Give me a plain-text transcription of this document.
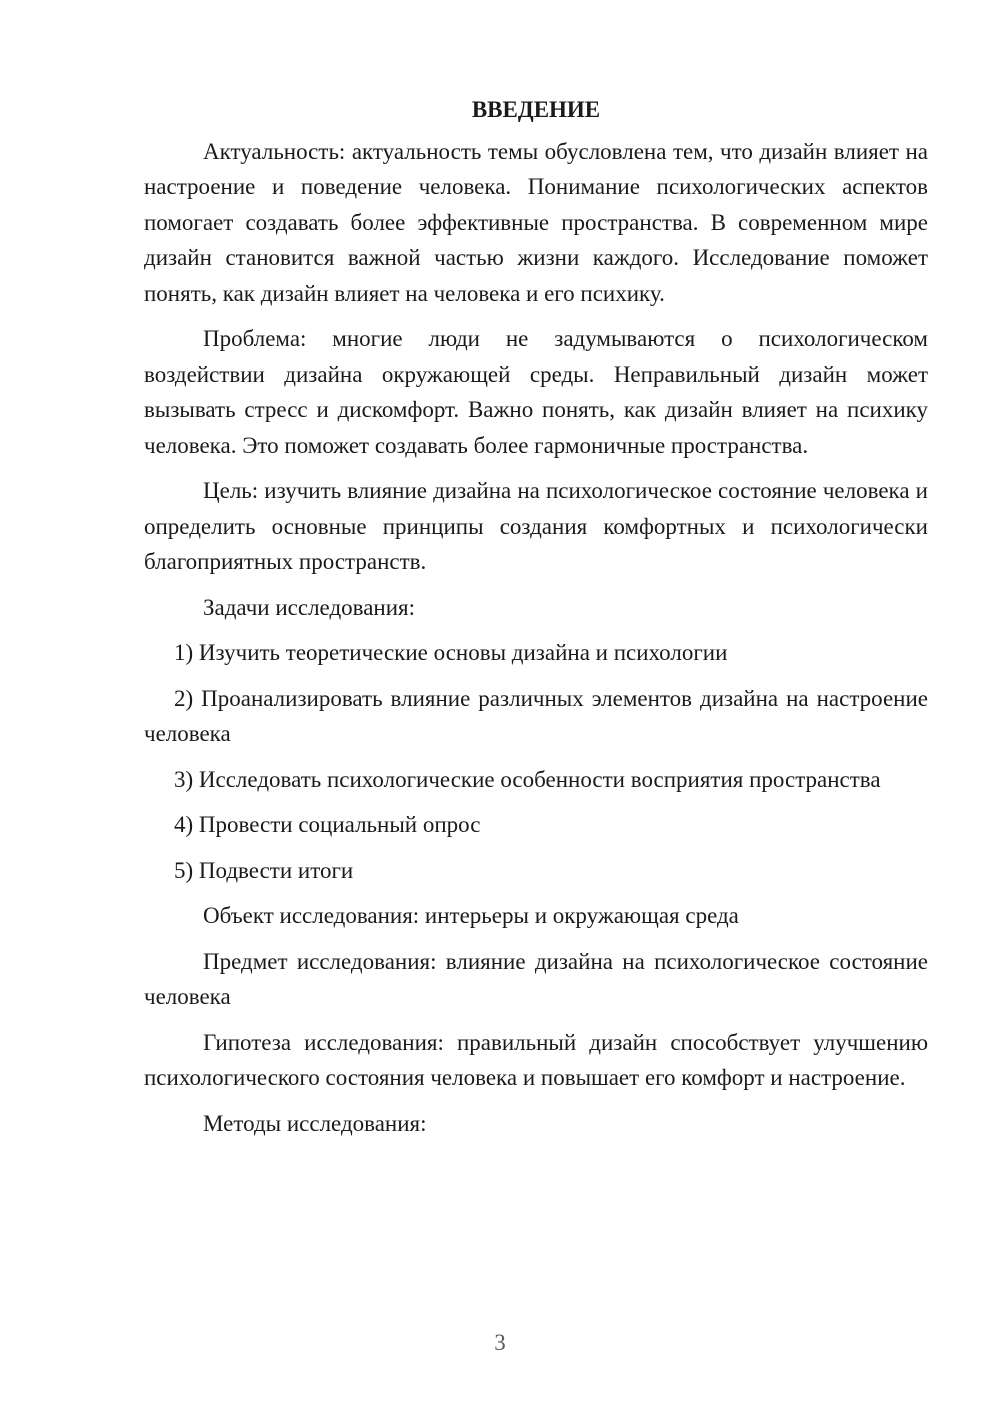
ВВЕДЕНИЕ

Актуальность: актуальность темы обусловлена тем, что дизайн влияет на настроение и поведение человека. Понимание психологических аспектов помогает создавать более эффективные пространства. В современном мире дизайн становится важной частью жизни каждого. Исследование поможет понять, как дизайн влияет на человека и его психику.

Проблема: многие люди не задумываются о психологическом воздействии дизайна окружающей среды. Неправильный дизайн может вызывать стресс и дискомфорт. Важно понять, как дизайн влияет на психику человека. Это поможет создавать более гармоничные пространства.

Цель: изучить влияние дизайна на психологическое состояние человека и определить основные принципы создания комфортных и психологически благоприятных пространств.

Задачи исследования:

1) Изучить теоретические основы дизайна и психологии

2) Проанализировать влияние различных элементов дизайна на настроение человека

3) Исследовать психологические особенности восприятия пространства

4) Провести социальный опрос

5) Подвести итоги

Объект исследования: интерьеры и окружающая среда

Предмет исследования: влияние дизайна на психологическое состояние человека

Гипотеза исследования: правильный дизайн способствует улучшению психологического состояния человека и повышает его комфорт и настроение.

Методы исследования:

3
